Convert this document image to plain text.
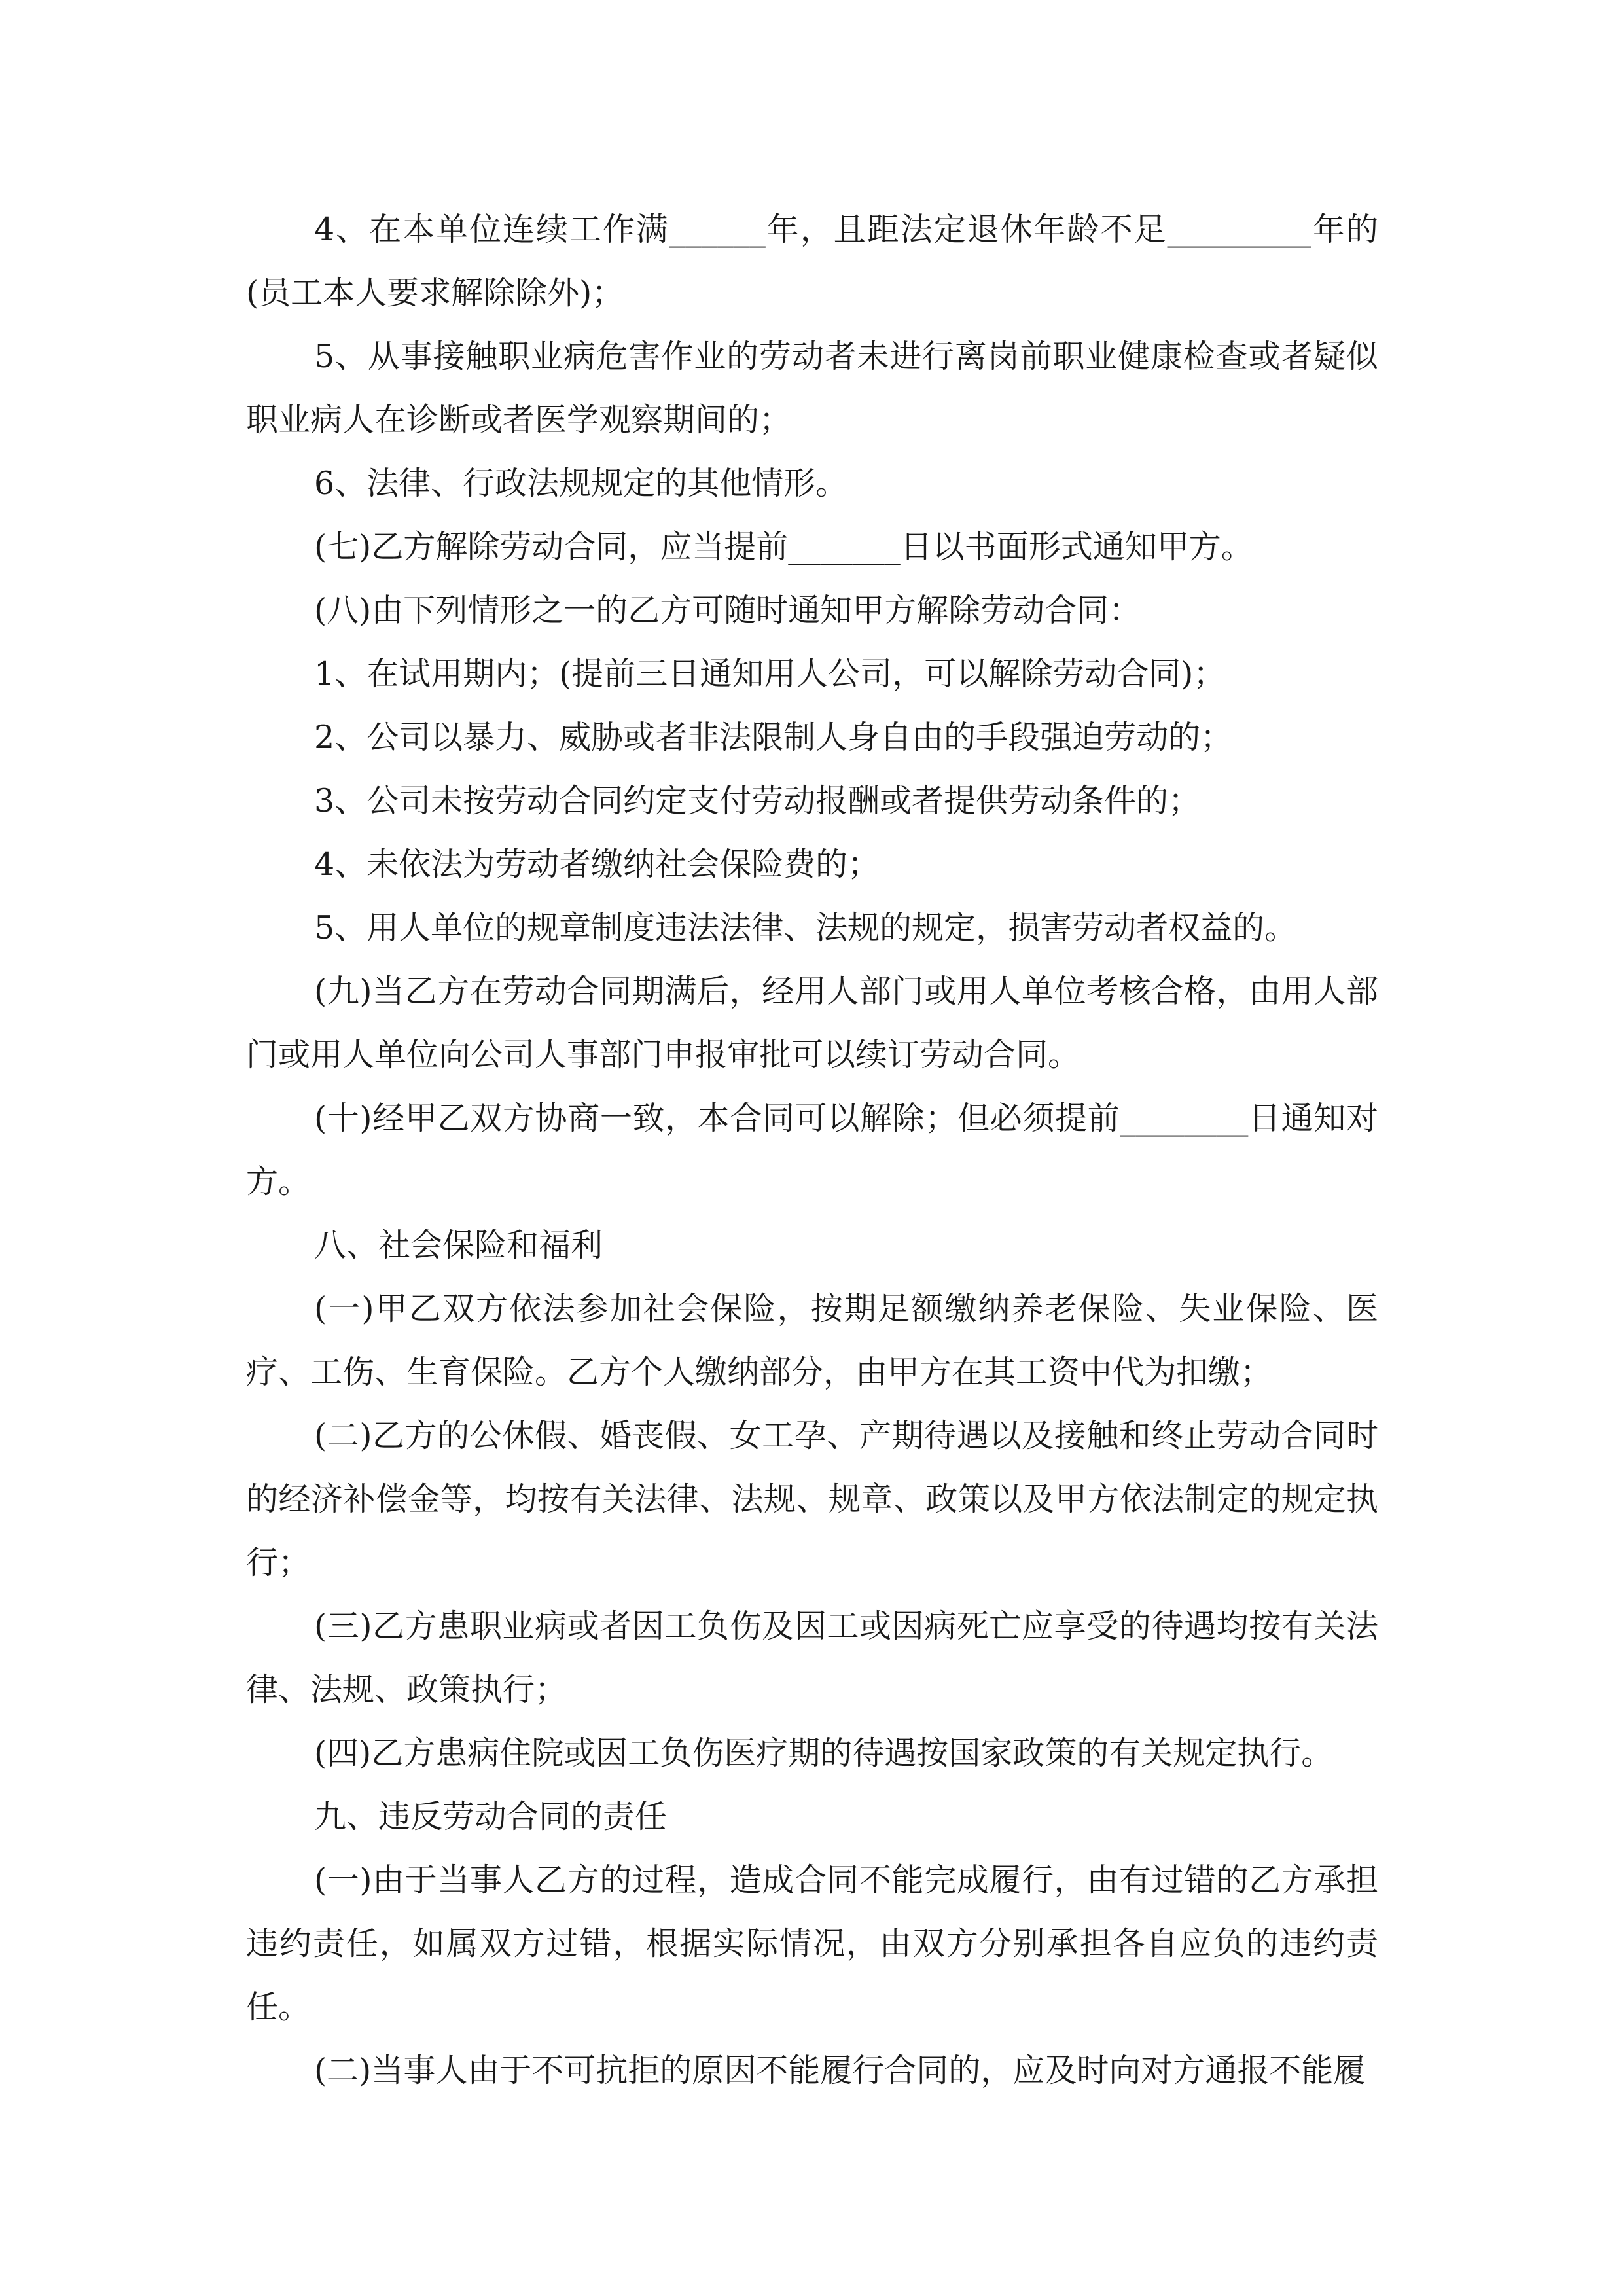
4、在本单位连续工作满______年，且距法定退休年龄不足_________年的(员工本人要求解除除外)；

5、从事接触职业病危害作业的劳动者未进行离岗前职业健康检查或者疑似职业病人在诊断或者医学观察期间的；

6、法律、行政法规规定的其他情形。

(七)乙方解除劳动合同，应当提前_______日以书面形式通知甲方。

(八)由下列情形之一的乙方可随时通知甲方解除劳动合同：

1、在试用期内；(提前三日通知用人公司，可以解除劳动合同)；

2、公司以暴力、威胁或者非法限制人身自由的手段强迫劳动的；

3、公司未按劳动合同约定支付劳动报酬或者提供劳动条件的；

4、未依法为劳动者缴纳社会保险费的；

5、用人单位的规章制度违法法律、法规的规定，损害劳动者权益的。

(九)当乙方在劳动合同期满后，经用人部门或用人单位考核合格，由用人部门或用人单位向公司人事部门申报审批可以续订劳动合同。

(十)经甲乙双方协商一致，本合同可以解除；但必须提前________日通知对方。

八、社会保险和福利

(一)甲乙双方依法参加社会保险，按期足额缴纳养老保险、失业保险、医疗、工伤、生育保险。乙方个人缴纳部分，由甲方在其工资中代为扣缴；

(二)乙方的公休假、婚丧假、女工孕、产期待遇以及接触和终止劳动合同时的经济补偿金等，均按有关法律、法规、规章、政策以及甲方依法制定的规定执行；

(三)乙方患职业病或者因工负伤及因工或因病死亡应享受的待遇均按有关法律、法规、政策执行；

(四)乙方患病住院或因工负伤医疗期的待遇按国家政策的有关规定执行。

九、违反劳动合同的责任

(一)由于当事人乙方的过程，造成合同不能完成履行，由有过错的乙方承担违约责任，如属双方过错，根据实际情况，由双方分别承担各自应负的违约责任。

(二)当事人由于不可抗拒的原因不能履行合同的，应及时向对方通报不能履
